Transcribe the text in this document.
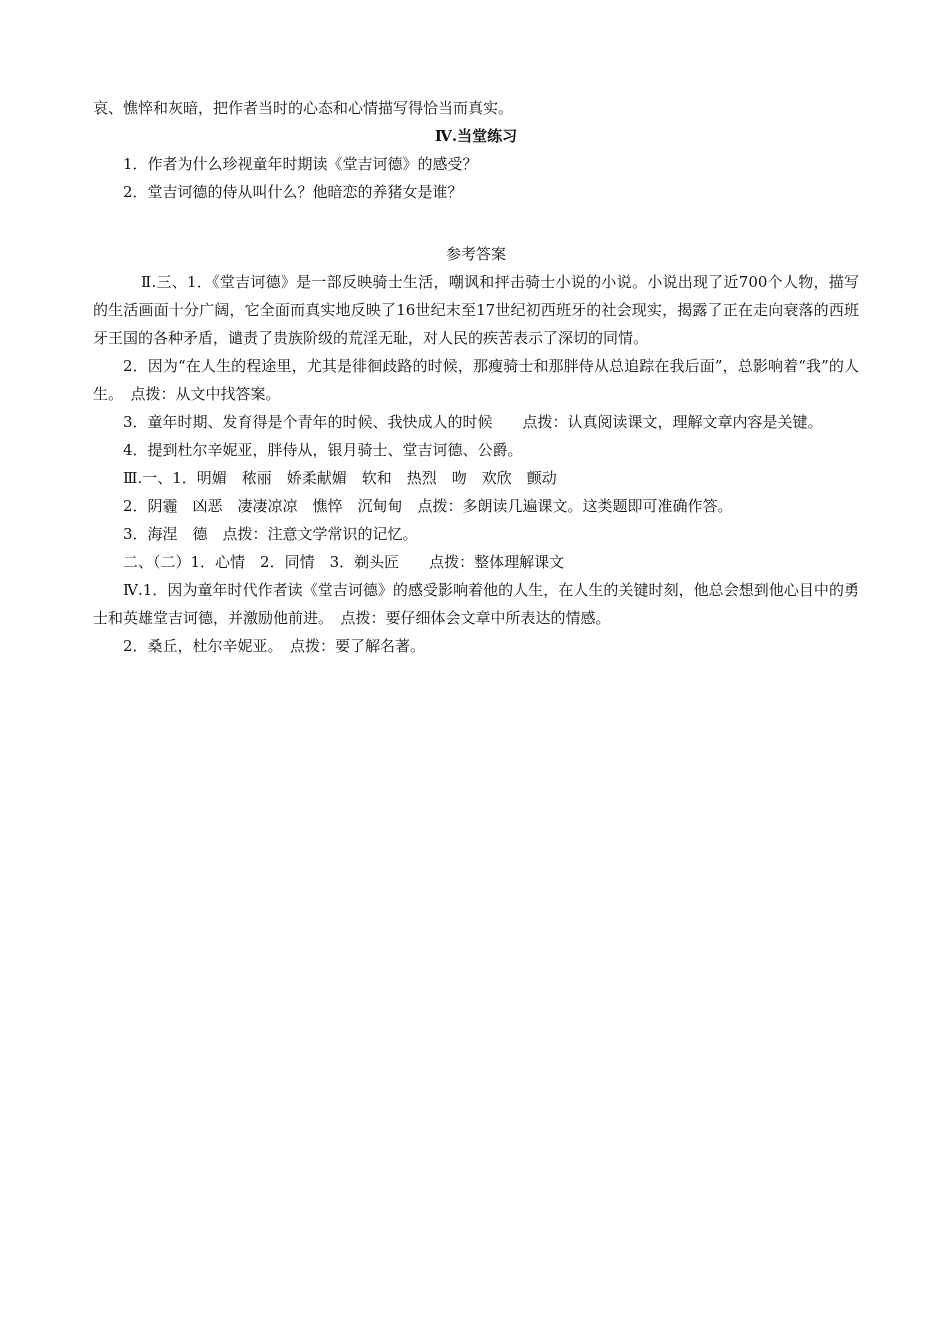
哀、憔悴和灰暗，把作者当时的心态和心情描写得恰当而真实。

Ⅳ.当堂练习

1．作者为什么珍视童年时期读《堂吉诃德》的感受？

2．堂吉诃德的侍从叫什么？他暗恋的养猪女是谁？

参考答案

Ⅱ.三、1．《堂吉诃德》是一部反映骑士生活，嘲讽和抨击骑士小说的小说。小说出现了近700个人物，描写的生活画面十分广阔，它全面而真实地反映了16世纪末至17世纪初西班牙的社会现实，揭露了正在走向衰落的西班牙王国的各种矛盾，谴责了贵族阶级的荒淫无耻，对人民的疾苦表示了深切的同情。

2．因为“在人生的程途里，尤其是徘徊歧路的时候，那瘦骑士和那胖侍从总追踪在我后面”，总影响着“我”的人生。　点拨：从文中找答案。

3．童年时期、发育得是个青年的时候、我快成人的时候　　点拨：认真阅读课文，理解文章内容是关键。

4．提到杜尔辛妮亚，胖侍从，银月骑士、堂吉诃德、公爵。

Ⅲ.一、1．明媚　秾丽　娇柔献媚　软和　热烈　吻　欢欣　颤动

2．阴霾　凶恶　凄凄凉凉　憔悴　沉甸甸　点拨：多朗读几遍课文。这类题即可准确作答。

3．海涅　德　点拨：注意文学常识的记忆。

二、（二）1．心情　2．同情　3．剃头匠　　点拨：整体理解课文

Ⅳ.1．因为童年时代作者读《堂吉诃德》的感受影响着他的人生，在人生的关键时刻，他总会想到他心目中的勇士和英雄堂吉诃德，并激励他前进。　点拨：要仔细体会文章中所表达的情感。

2．桑丘，杜尔辛妮亚。　点拨：要了解名著。
